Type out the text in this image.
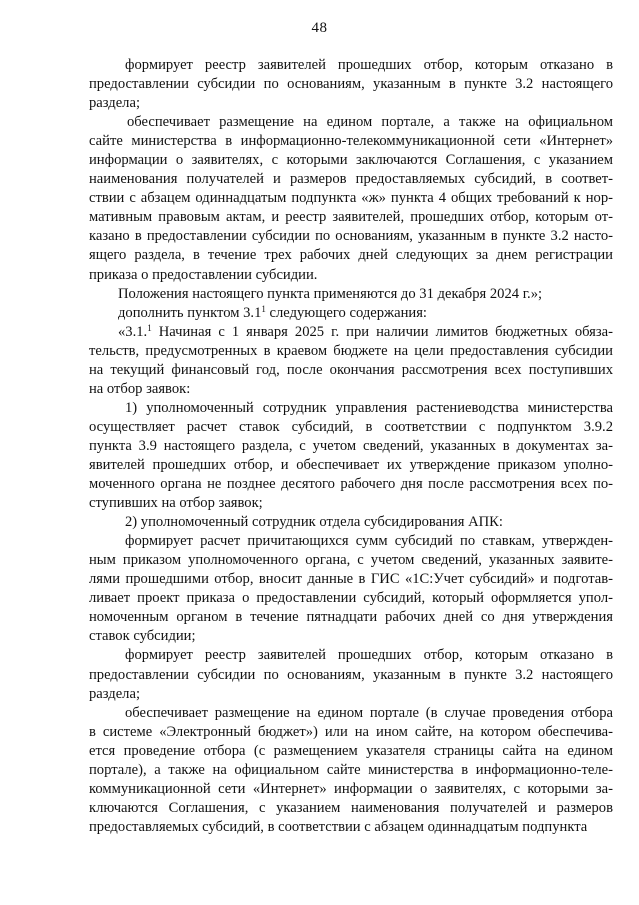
48

формирует реестр заявителей прошедших отбор, которым отказано в
предоставлении субсидии по основаниям, указанным в пункте 3.2 настоящего
раздела;

обеспечивает размещение на едином портале, а также на официальном
сайте министерства в информационно-телекоммуникационной сети «Интернет»
информации о заявителях, с которыми заключаются Соглашения, с указанием
наименования получателей и размеров предоставляемых субсидий, в соответ-
ствии с абзацем одиннадцатым подпункта «ж» пункта 4 общих требований к нор-
мативным правовым актам, и реестр заявителей, прошедших отбор, которым от-
казано в предоставлении субсидии по основаниям, указанным в пункте 3.2 насто-
ящего раздела, в течение трех рабочих дней следующих за днем регистрации
приказа о предоставлении субсидии.

Положения настоящего пункта применяются до 31 декабря 2024 г.»;

дополнить пунктом $3.1^1$ следующего содержания:

«3.1.$^1$ Начиная с 1 января 2025 г. при наличии лимитов бюджетных обяза-
тельств, предусмотренных в краевом бюджете на цели предоставления субсидии
на текущий финансовый год, после окончания рассмотрения всех поступивших
на отбор заявок:

1) уполномоченный сотрудник управления растениеводства министерства
осуществляет расчет ставок субсидий, в соответствии с подпунктом 3.9.2
пункта 3.9 настоящего раздела, с учетом сведений, указанных в документах за-
явителей прошедших отбор, и обеспечивает их утверждение приказом уполно-
моченного органа не позднее десятого рабочего дня после рассмотрения всех по-
ступивших на отбор заявок;

2) уполномоченный сотрудник отдела субсидирования АПК:

формирует расчет причитающихся сумм субсидий по ставкам, утвержден-
ным приказом уполномоченного органа, с учетом сведений, указанных заявите-
лями прошедшими отбор, вносит данные в ГИС «1С:Учет субсидий» и подготав-
ливает проект приказа о предоставлении субсидий, который оформляется упол-
номоченным органом в течение пятнадцати рабочих дней со дня утверждения
ставок субсидии;

формирует реестр заявителей прошедших отбор, которым отказано в
предоставлении субсидии по основаниям, указанным в пункте 3.2 настоящего
раздела;

обеспечивает размещение на едином портале (в случае проведения отбора
в системе «Электронный бюджет») или на ином сайте, на котором обеспечива-
ется проведение отбора (с размещением указателя страницы сайта на едином
портале), а также на официальном сайте министерства в информационно-теле-
коммуникационной сети «Интернет» информации о заявителях, с которыми за-
ключаются Соглашения, с указанием наименования получателей и размеров
предоставляемых субсидий, в соответствии с абзацем одиннадцатым подпункта
